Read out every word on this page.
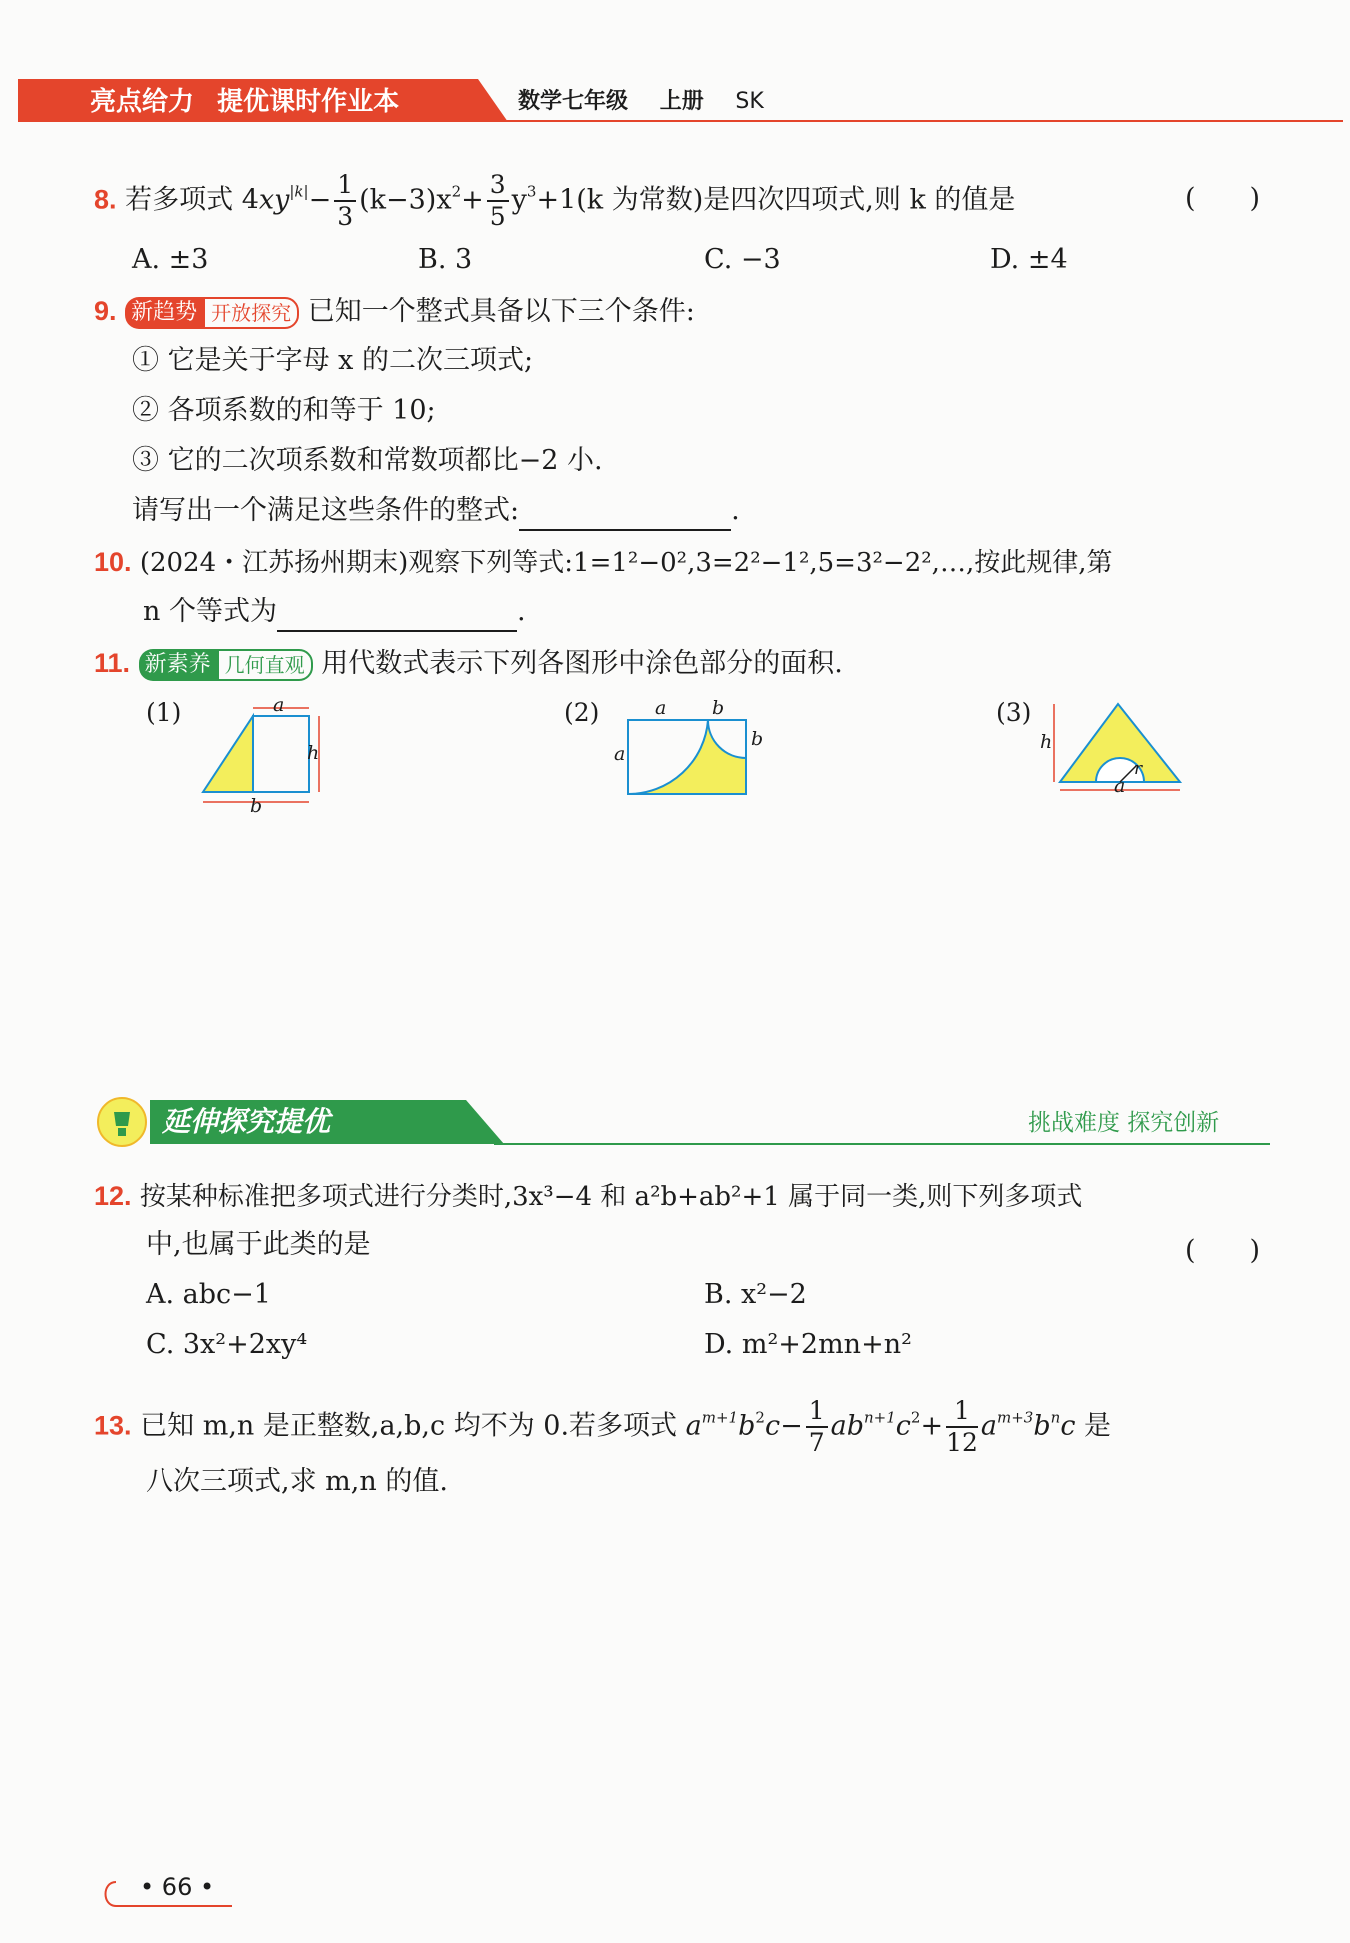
亮点给力 提优课时作业本	数学七年级 上册 SK
8. 若多项式 $4xy^{|k|}- \frac{1}{3} (k-3)x^2+ \frac{3}{5} y^3+1(k$ 为常数)是四次四项式,则 k 的值是	(　　)
A. ±3	B. 3	C. −3	D. ±4
9. 新趋势 开放探究 已知一个整式具备以下三个条件:
① 它是关于字母 x 的二次三项式;
② 各项系数的和等于 10;
③ 它的二次项系数和常数项都比−2 小.
请写出一个满足这些条件的整式:	.
10. (2024・江苏扬州期末)观察下列等式:1=1²−0²,3=2²−1²,5=3²−2²,…,按此规律,第
n 个等式为	.
11. 新素养 几何直观 用代数式表示下列各图形中涂色部分的面积.
(1)	a
h
b
(2)	a b
a
b
(3)
h
r
a
延伸探究提优	挑战难度 探究创新
12. 按某种标准把多项式进行分类时,3x³−4 和 a²b+ab²+1 属于同一类,则下列多项式
中,也属于此类的是	(　　)
A. abc−1	B. x²−2
C. 3x²+2xy⁴	D. m²+2mn+n²
13. 已知 m,n 是正整数,a,b,c 均不为 0.若多项式 $a^{m+1}b^2c- \frac{1}{7} ab^{n+1}c^2+ \frac{1}{12} a^{m+3}b^nc$ 是
八次三项式,求 m,n 的值.
• 66 •
